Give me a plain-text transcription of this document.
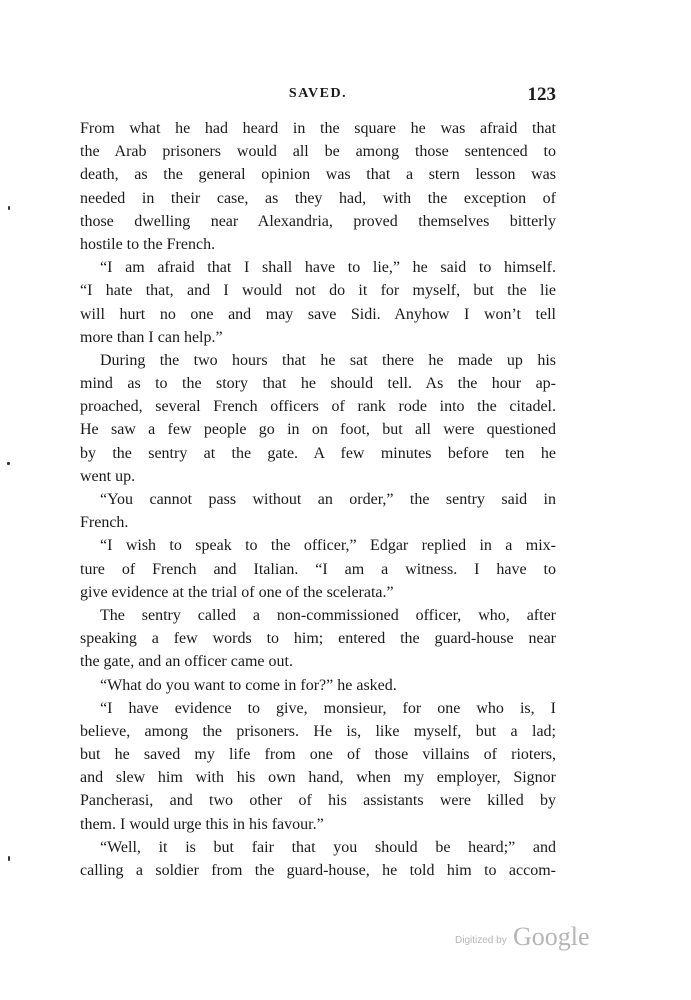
SAVED.	123
From what he had heard in the square he was afraid that
the Arab prisoners would all be among those sentenced to
death, as the general opinion was that a stern lesson was
needed in their case, as they had, with the exception of
those dwelling near Alexandria, proved themselves bitterly
hostile to the French.
“I am afraid that I shall have to lie,” he said to himself.
“I hate that, and I would not do it for myself, but the lie
will hurt no one and may save Sidi. Anyhow I won’t tell
more than I can help.”
During the two hours that he sat there he made up his
mind as to the story that he should tell. As the hour ap-
proached, several French officers of rank rode into the citadel.
He saw a few people go in on foot, but all were questioned
by the sentry at the gate. A few minutes before ten he
went up.
“You cannot pass without an order,” the sentry said in
French.
“I wish to speak to the officer,” Edgar replied in a mix-
ture of French and Italian. “I am a witness. I have to
give evidence at the trial of one of the scelerata.”
The sentry called a non-commissioned officer, who, after
speaking a few words to him; entered the guard-house near
the gate, and an officer came out.
“What do you want to come in for?” he asked.
“I have evidence to give, monsieur, for one who is, I
believe, among the prisoners. He is, like myself, but a lad;
but he saved my life from one of those villains of rioters,
and slew him with his own hand, when my employer, Signor
Pancherasi, and two other of his assistants were killed by
them. I would urge this in his favour.”
“Well, it is but fair that you should be heard;” and
calling a soldier from the guard-house, he told him to accom-
Digitized by Google
